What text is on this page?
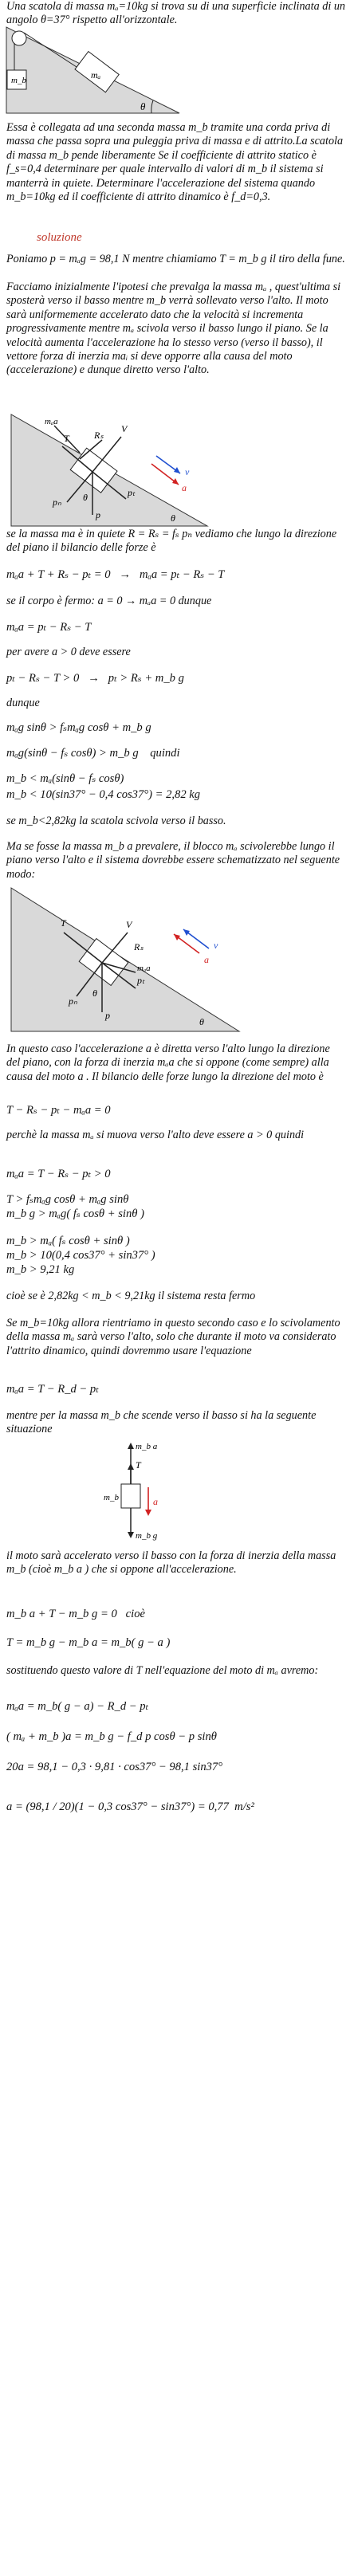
m_b	mₐ
θ

Una scatola di massa mₐ=10kg si trova su di una superficie inclinata di un angolo θ=37° rispetto all'orizzontale.

Essa è collegata ad una seconda massa m_b tramite una corda priva di massa che passa sopra una puleggia priva di massa e di attrito.La scatola di massa m_b pende liberamente Se il coefficiente di attrito statico è f_s=0,4 determinare per quale intervallo di valori di m_b il sistema si manterrà in quiete. Determinare l'accelerazione del sistema quando m_b=10kg ed il coefficiente di attrito dinamico è f_d=0,3.

soluzione

Poniamo p = mₐg = 98,1 N mentre chiamiamo T = m_b g il tiro della fune.

Facciamo inizialmente l'ipotesi che prevalga la massa mₐ , quest'ultima si sposterà verso il basso mentre m_b verrà sollevato verso l'alto. Il moto sarà uniformemente accelerato dato che la velocità si incrementa progressivamente mentre mₐ scivola verso il basso lungo il piano. Se la velocità aumenta l'accelerazione ha lo stesso verso (verso il basso), il vettore forza di inerzia maᵢ si deve opporre alla causa del moto (accelerazione) e dunque diretto verso l'alto.

mₐa
T	Rₛ
V
pₜ
pₙ
p
θ
θ
v
a

se la massa ma è in quiete R = Rₛ = fₛ pₙ vediamo che lungo la direzione del piano il bilancio delle forze è

mₐa + T + Rₛ − pₜ = 0   →   mₐa = pₜ − Rₛ − T

se il corpo è fermo: a = 0 → mₐa = 0 dunque

mₐa = pₜ − Rₛ − T

per avere a > 0 deve essere

pₜ − Rₛ − T > 0   →   pₜ > Rₛ + m_b g

dunque

mₐg sinθ > fₛmₐg cosθ + m_b g

mₐg(sinθ − fₛ cosθ) > m_b g    quindi

m_b < mₐ(sinθ − fₛ cosθ)

m_b < 10(sin37° − 0,4 cos37°) = 2,82 kg

se m_b<2,82kg la scatola scivola verso il basso.

Ma se fosse la massa m_b a prevalere, il blocco mₐ scivolerebbe lungo il piano verso l'alto e il sistema dovrebbe essere schematizzato nel seguente modo:

T	V
Rₛ
pₜ
mₐa
pₙ
p
θ
θ
v
a

In questo caso l'accelerazione a è diretta verso l'alto lungo la direzione del piano, con la forza di inerzia mₐa che si oppone (come sempre) alla causa del moto a . Il bilancio delle forze lungo la direzione del moto è

T − Rₛ − pₜ − mₐa = 0

perchè la massa mₐ si muova verso l'alto deve essere a > 0 quindi

mₐa = T − Rₛ − pₜ > 0

T > fₛmₐg cosθ + mₐg sinθ

m_b g > mₐg( fₛ cosθ + sinθ )

m_b > mₐ( fₛ cosθ + sinθ )

m_b > 10(0,4 cos37° + sin37° )

m_b > 9,21 kg

cioè se è 2,82kg < m_b < 9,21kg il sistema resta fermo

Se m_b=10kg allora rientriamo in questo secondo caso e lo scivolamento della massa mₐ sarà verso l'alto, solo che durante il moto va considerato l'attrito dinamico, quindi dovremmo usare l'equazione

mₐa = T − R_d − pₜ

mentre per la massa m_b che scende verso il basso si ha la seguente situazione

m_b a
T
m_b	a
m_b g

il moto sarà accelerato verso il basso con la forza di inerzia della massa m_b (cioè m_b a ) che si oppone all'accelerazione.

m_b a + T − m_b g = 0   cioè

T = m_b g − m_b a = m_b( g − a )

sostituendo questo valore di T nell'equazione del moto di mₐ avremo:

mₐa = m_b( g − a) − R_d − pₜ

( mₐ + m_b )a = m_b g − f_d p cosθ − p sinθ

20a = 98,1 − 0,3 · 9,81 · cos37° − 98,1 sin37°

a = (98,1 / 20)(1 − 0,3 cos37° − sin37°) = 0,77  m/s²
